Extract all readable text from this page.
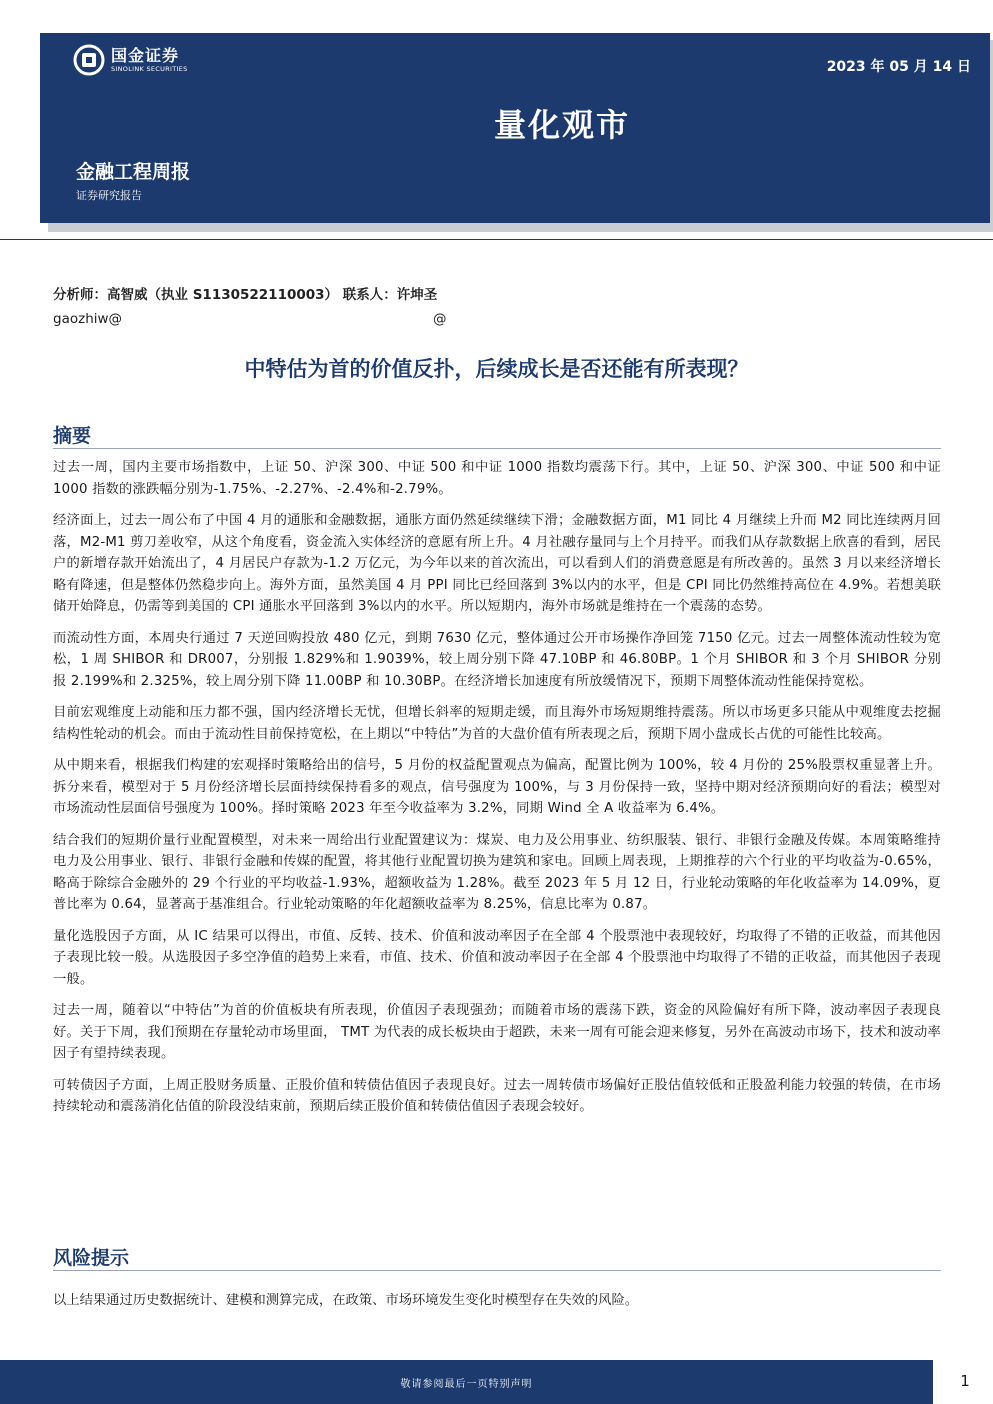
国金证券
SINOLINK SECURITIES	2023 年 05 月 14 日
量化观市
金融工程周报
证券研究报告
分析师：高智威（执业 S1130522110003） 联系人：许坤圣
gaozhiw@	@
中特估为首的价值反扑，后续成长是否还能有所表现？
摘要

过去一周，国内主要市场指数中，上证 50、沪深 300、中证 500 和中证 1000 指数均震荡下行。其中，上证 50、沪深 300、中证 500 和中证 1000 指数的涨跌幅分别为-1.75%、-2.27%、-2.4%和-2.79%。

经济面上，过去一周公布了中国 4 月的通胀和金融数据，通胀方面仍然延续继续下滑；金融数据方面，M1 同比 4 月继续上升而 M2 同比连续两月回落，M2-M1 剪刀差收窄，从这个角度看，资金流入实体经济的意愿有所上升。4 月社融存量同与上个月持平。而我们从存款数据上欣喜的看到，居民户的新增存款开始流出了，4 月居民户存款为-1.2 万亿元，为今年以来的首次流出，可以看到人们的消费意愿是有所改善的。虽然 3 月以来经济增长略有降速，但是整体仍然稳步向上。海外方面，虽然美国 4 月 PPI 同比已经回落到 3%以内的水平，但是 CPI 同比仍然维持高位在 4.9%。若想美联储开始降息，仍需等到美国的 CPI 通胀水平回落到 3%以内的水平。所以短期内，海外市场就是维持在一个震荡的态势。

而流动性方面，本周央行通过 7 天逆回购投放 480 亿元，到期 7630 亿元，整体通过公开市场操作净回笼 7150 亿元。过去一周整体流动性较为宽松，1 周 SHIBOR 和 DR007，分别报 1.829%和 1.9039%，较上周分别下降 47.10BP 和 46.80BP。1 个月 SHIBOR 和 3 个月 SHIBOR 分别报 2.199%和 2.325%，较上周分别下降 11.00BP 和 10.30BP。在经济增长加速度有所放缓情况下，预期下周整体流动性能保持宽松。

目前宏观维度上动能和压力都不强，国内经济增长无忧，但增长斜率的短期走缓，而且海外市场短期维持震荡。所以市场更多只能从中观维度去挖掘结构性轮动的机会。而由于流动性目前保持宽松，在上期以“中特估”为首的大盘价值有所表现之后，预期下周小盘成长占优的可能性比较高。

从中期来看，根据我们构建的宏观择时策略给出的信号，5 月份的权益配置观点为偏高，配置比例为 100%，较 4 月份的 25%股票权重显著上升。拆分来看，模型对于 5 月份经济增长层面持续保持看多的观点，信号强度为 100%，与 3 月份保持一致，坚持中期对经济预期向好的看法；模型对市场流动性层面信号强度为 100%。择时策略 2023 年至今收益率为 3.2%，同期 Wind 全 A 收益率为 6.4%。

结合我们的短期价量行业配置模型，对未来一周给出行业配置建议为：煤炭、电力及公用事业、纺织服装、银行、非银行金融及传媒。本周策略维持电力及公用事业、银行、非银行金融和传媒的配置，将其他行业配置切换为建筑和家电。回顾上周表现，上期推荐的六个行业的平均收益为-0.65%，略高于除综合金融外的 29 个行业的平均收益-1.93%，超额收益为 1.28%。截至 2023 年 5 月 12 日，行业轮动策略的年化收益率为 14.09%，夏普比率为 0.64，显著高于基准组合。行业轮动策略的年化超额收益率为 8.25%，信息比率为 0.87。

量化选股因子方面，从 IC 结果可以得出，市值、反转、技术、价值和波动率因子在全部 4 个股票池中表现较好，均取得了不错的正收益，而其他因子表现比较一般。从选股因子多空净值的趋势上来看，市值、技术、价值和波动率因子在全部 4 个股票池中均取得了不错的正收益，而其他因子表现一般。

过去一周，随着以“中特估”为首的价值板块有所表现，价值因子表现强劲；而随着市场的震荡下跌，资金的风险偏好有所下降，波动率因子表现良好。关于下周，我们预期在存量轮动市场里面， TMT 为代表的成长板块由于超跌，未来一周有可能会迎来修复，另外在高波动市场下，技术和波动率因子有望持续表现。

可转债因子方面，上周正股财务质量、正股价值和转债估值因子表现良好。过去一周转债市场偏好正股估值较低和正股盈利能力较强的转债，在市场持续轮动和震荡消化估值的阶段没结束前，预期后续正股价值和转债估值因子表现会较好。

风险提示
以上结果通过历史数据统计、建模和测算完成，在政策、市场环境发生变化时模型存在失效的风险。
敬请参阅最后一页特别声明	1
